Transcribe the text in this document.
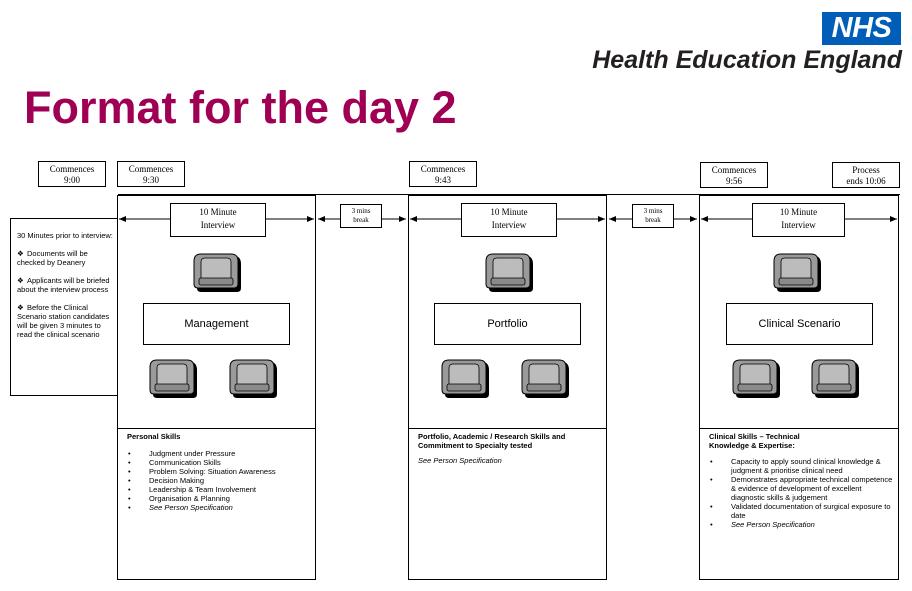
NHS
Health Education England
Format for the day 2
Commences
9:00
Commences
9:30
Commences
9:43
Commences
9:56
Process
ends 10:06

30 Minutes prior to interview:

❖ Documents will be checked by Deanery

❖ Applicants will be briefed about the interview process

❖ Before the Clinical Scenario station candidates will be given 3 minutes to read the clinical scenario

10 Minute
Interview
10 Minute
Interview
10 Minute
Interview
3 mins
break
3 mins
break
Management	Portfolio	Clinical Scenario
Personal Skills
• Judgment under Pressure
• Communication Skills
• Problem Solving: Situation Awareness
• Decision Making
• Leadership & Team Involvement
• Organisation & Planning
• See Person Specification
Portfolio, Academic / Research Skills and Commitment to Specialty tested
See Person Specification
Clinical Skills – Technical Knowledge & Expertise:
• Capacity to apply sound clinical knowledge & judgment & prioritise clinical need
• Demonstrates appropriate technical competence & evidence of development of excellent diagnostic skills & judgement
• Validated documentation of surgical exposure to date
• See Person Specification
